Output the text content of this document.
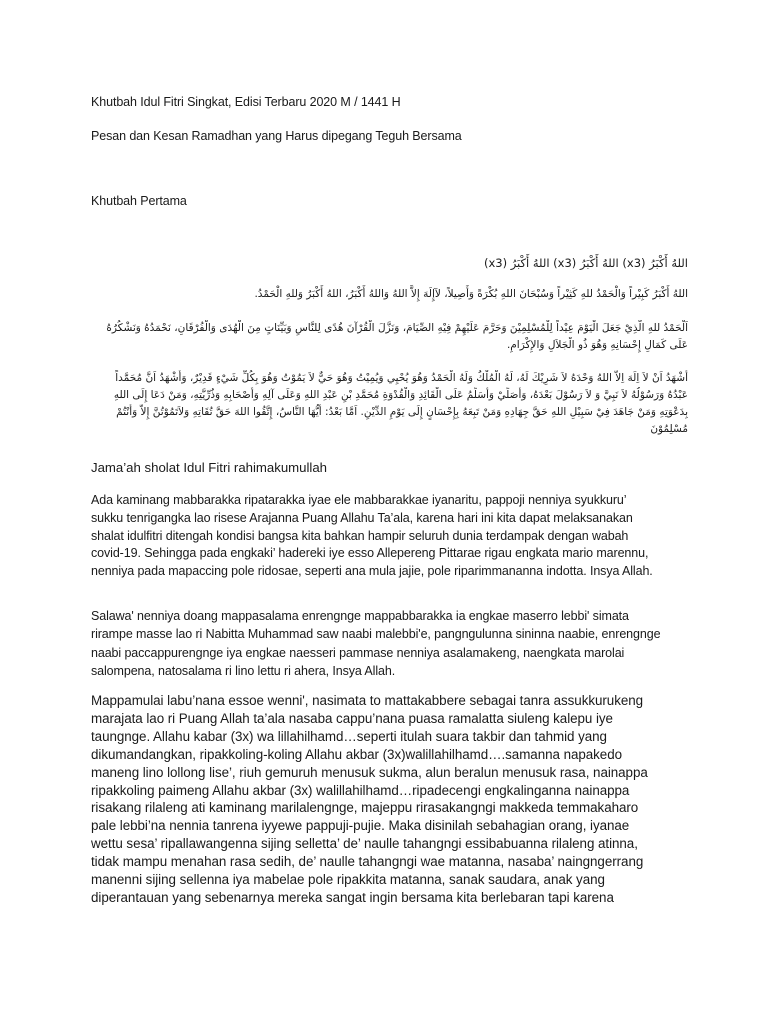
Khutbah Idul Fitri Singkat, Edisi Terbaru 2020 M / 1441 H

Pesan dan Kesan Ramadhan yang Harus dipegang Teguh Bersama

Khutbah Pertama

اللهُ أَكْبَرُ (x3) اللهُ أَكْبَرُ (x3) اللهُ أَكْبَرُ (x3)

اللهُ أَكْبَرُ كَبِيْراً وَالْحَمْدُ للهِ كَثِيْراً وَسُبْحَانَ اللهِ بُكْرَةً وَأَصِيلاً، لآإِلَهَ إِلاَّ اللهُ وَاللهُ أَكْبَرُ، اللهُ أَكْبَرُ وَللهِ الْحَمْدُ.

اَلْحَمْدُ للهِ الَّذِيْ جَعَلَ الْيَوْمَ عِيْداً لِلْمُسْلِمِيْنَ وَحَرَّمَ عَلَيْهِمْ فِيْهِ الصِّيَامَ، وَنَزَّلَ الْقُرْآنَ هُدًى لِلنَّاسِ وَبَيِّنَاتٍ مِنَ الْهُدَى وَالْفُرْقَانِ، نَحْمَدُهُ وَنَشْكُرُهُ
عَلَى كَمَالِ إِحْسَانِهِ وَهُوَ ذُو الْجَلاَلِ وَالإِكْرَامِ.
أَشْهَدُ اَنْ لاَ اِلَهَ اِلاَّ اللهُ وَحْدَهُ لاَ شَرِيْكَ لَهُ، لَهُ الْمُلْكُ وَلَهُ الْحَمْدُ وَهُوَ يُحْيِي وَيُمِيْتُ وَهُوَ حَيٌّ لاَ يَمُوْتُ وَهُوَ بِكُلِّ شَيْءٍ قَدِيْرٌ، وَأَشْهَدُ اَنَّ مُحَمَّداً
عَبْدُهُ وَرَسُوْلُهُ لاَ نَبِيَّ وَ لاَ رَسُوْلَ بَعْدَهُ، وَأُصَلِّيْ وَأُسَلِّمُ عَلَى الْقَائِدِ وَالْقُدْوَةِ مُحَمَّدِ بْنِ عَبْدِ اللهِ وَعَلَى آلِهِ وَأَصْحَابِهِ وَذُرِّيَّتِهِ، وَمَنْ دَعَا إِلَى اللهِ
بِدَعْوَتِهِ وَمَنْ جَاهَدَ فِيْ سَبِيْلِ اللهِ حَقَّ جِهَادِهِ وَمَنْ تَبِعَهُ بِإِحْسَانٍ إِلَى يَوْمِ الدِّيْنِ. اَمَّا بَعْدُ: أَيُّهَا النَّاسُ، إِتَّقُوا اللهَ حَقَّ تُقَاتِهِ وَلاَتَمُوْتُنَّ إِلاَّ وَأَنْتُمْ
مُسْلِمُوْنَ

Jama’ah sholat Idul Fitri rahimakumullah

Ada kaminang mabbarakka ripatarakka iyae ele mabbarakkae iyanaritu, pappoji nenniya syukkuru’
sukku tenrigangka lao risese Arajanna Puang Allahu Ta’ala, karena hari ini kita dapat melaksanakan
shalat idulfitri ditengah kondisi bangsa kita bahkan hampir seluruh dunia terdampak dengan wabah
covid-19. Sehingga pada engkaki’ hadereki iye esso Allepereng Pittarae rigau engkata mario marennu,
nenniya pada mapaccing pole ridosae, seperti ana mula jajie, pole riparimmananna indotta. Insya Allah.
Salawa' nenniya doang mappasalama enrengnge mappabbarakka ia engkae maserro lebbi' simata
rirampe masse lao ri Nabitta Muhammad saw naabi malebbi'e, pangngulunna sininna naabie, enrengnge
naabi paccappurengnge iya engkae naesseri pammase nenniya asalamakeng, naengkata marolai
salompena, natosalama ri lino lettu ri ahera, Insya Allah.
Mappamulai labu’nana essoe wenni', nasimata to mattakabbere sebagai tanra assukkurukeng
marajata lao ri Puang Allah ta’ala nasaba cappu’nana puasa ramalatta siuleng kalepu iye
taungnge. Allahu kabar (3x) wa lillahilhamd…seperti itulah suara takbir dan tahmid yang
dikumandangkan, ripakkoling-koling Allahu akbar (3x)walillahilhamd….samanna napakedo
maneng lino lollong lise’, riuh gemuruh menusuk sukma, alun beralun menusuk rasa, nainappa
ripakkoling paimeng Allahu akbar (3x) walillahilhamd…ripadecengi engkalinganna nainappa
risakang rilaleng ati kaminang marilalengnge, majeppu rirasakangngi makkeda temmakaharo
pale lebbi’na nennia tanrena iyyewe pappuji-pujie. Maka disinilah sebahagian orang, iyanae
wettu sesa’ ripallawangenna sijing selletta’ de’ naulle tahangngi essibabuanna rilaleng atinna,
tidak mampu menahan rasa sedih, de’ naulle tahangngi wae matanna, nasaba’ naingngerrang
manenni sijing sellenna iya mabelae pole ripakkita matanna, sanak saudara, anak yang
diperantauan yang sebenarnya mereka sangat ingin bersama kita berlebaran tapi karena
